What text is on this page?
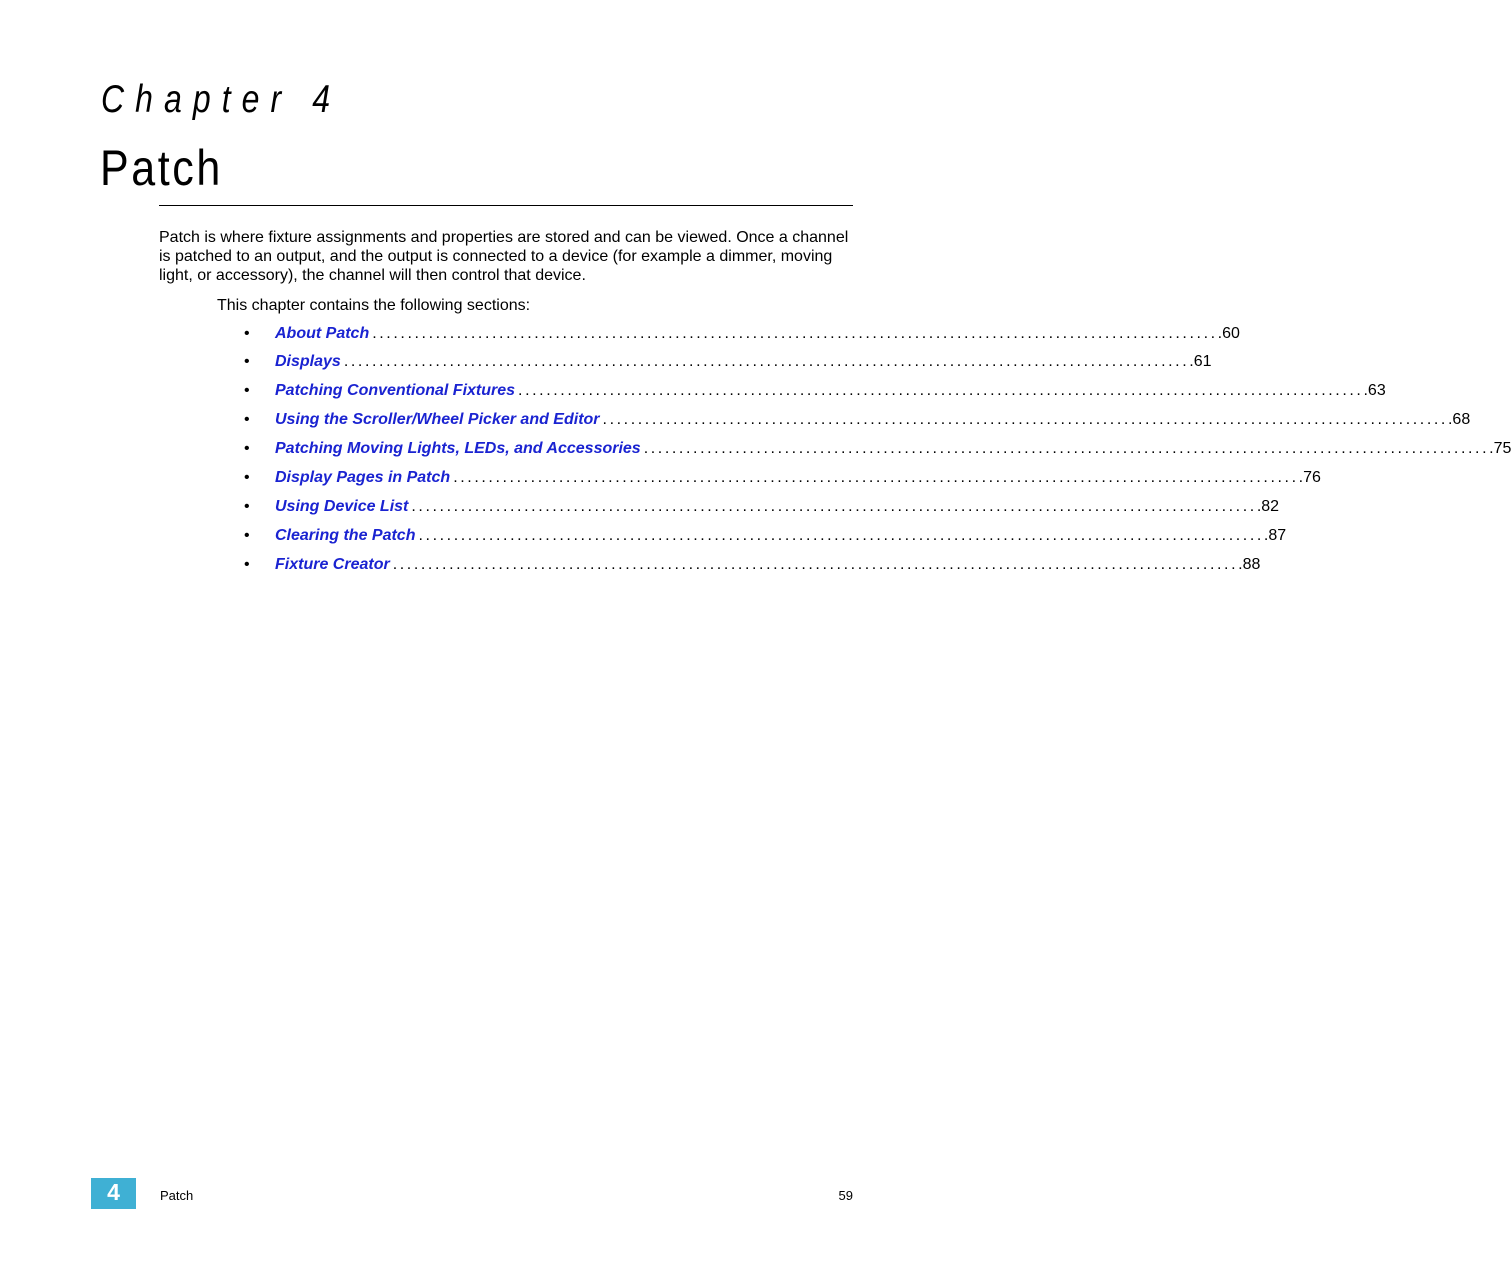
Chapter 4
Patch

Patch is where fixture assignments and properties are stored and can be viewed. Once a channel is patched to an output, and the output is connected to a device (for example a dimmer, moving light, or accessory), the channel will then control that device.

This chapter contains the following sections:

•	About Patch ........................................................................................................................ .60
•	Displays ........................................................................................................................ .61
•	Patching Conventional Fixtures ........................................................................................................................ .63
•	Using the Scroller/Wheel Picker and Editor ........................................................................................................................ .68
•	Patching Moving Lights, LEDs, and Accessories ........................................................................................................................ .75
•	Display Pages in Patch ........................................................................................................................ .76
•	Using Device List ........................................................................................................................ .82
•	Clearing the Patch ........................................................................................................................ .87
•	Fixture Creator ........................................................................................................................ .88
4	Patch	59
